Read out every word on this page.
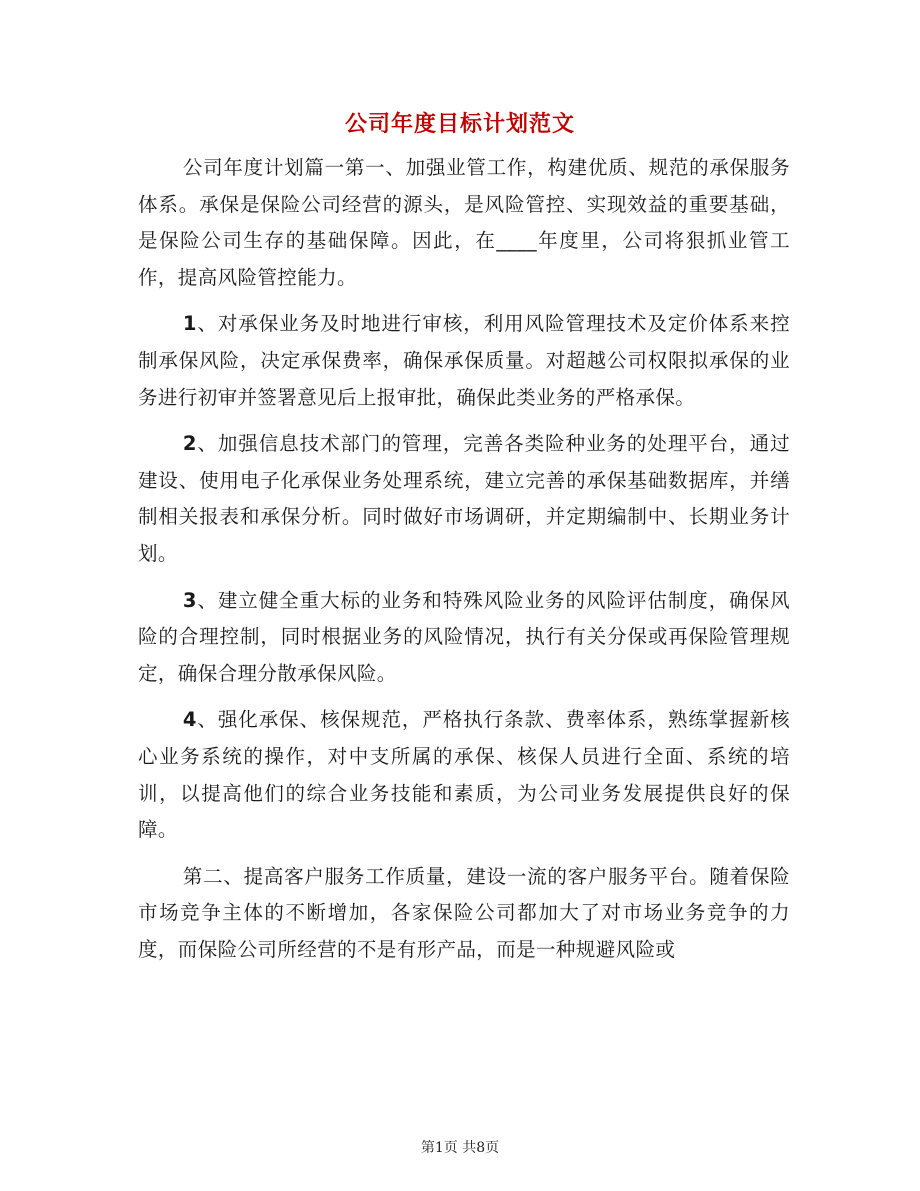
公司年度目标计划范文

公司年度计划篇一第一、加强业管工作，构建优质、规范的承保服务体系。承保是保险公司经营的源头，是风险管控、实现效益的重要基础，是保险公司生存的基础保障。因此，在____年度里，公司将狠抓业管工作，提高风险管控能力。

1、对承保业务及时地进行审核，利用风险管理技术及定价体系来控制承保风险，决定承保费率，确保承保质量。对超越公司权限拟承保的业务进行初审并签署意见后上报审批，确保此类业务的严格承保。

2、加强信息技术部门的管理，完善各类险种业务的处理平台，通过建设、使用电子化承保业务处理系统，建立完善的承保基础数据库，并缮制相关报表和承保分析。同时做好市场调研，并定期编制中、长期业务计划。

3、建立健全重大标的业务和特殊风险业务的风险评估制度，确保风险的合理控制，同时根据业务的风险情况，执行有关分保或再保险管理规定，确保合理分散承保风险。

4、强化承保、核保规范，严格执行条款、费率体系，熟练掌握新核心业务系统的操作，对中支所属的承保、核保人员进行全面、系统的培训，以提高他们的综合业务技能和素质，为公司业务发展提供良好的保障。

第二、提高客户服务工作质量，建设一流的客户服务平台。随着保险市场竞争主体的不断增加，各家保险公司都加大了对市场业务竞争的力度，而保险公司所经营的不是有形产品，而是一种规避风险或

第1页 共8页
